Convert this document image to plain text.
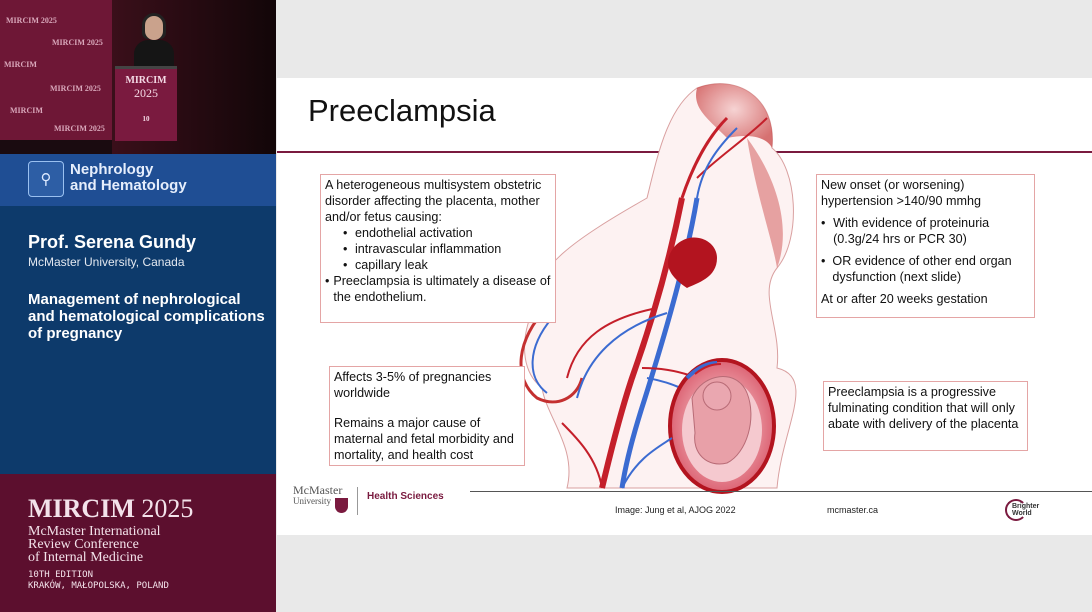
MIRCIM 2025
MIRCIM 2025
MIRCIM
MIRCIM 2025
MIRCIM
MIRCIM 2025
MIRCIM
2025
10
⚲
Nephrology
and Hematology
Prof. Serena Gundy
McMaster University, Canada
Management of nephrological and hematological complications of pregnancy
MIRCIM 2025
McMaster International
Review Conference
of Internal Medicine
10TH EDITION
KRAKÓW, MAŁOPOLSKA, POLAND
Preeclampsia
A heterogeneous multisystem obstetric disorder affecting the placenta, mother and/or fetus causing:
• endothelial activation
• intravascular inflammation
• capillary leak
• Preeclampsia is ultimately a disease of the endothelium.
New onset (or worsening) hypertension >140/90 mmhg
• With evidence of proteinuria (0.3g/24 hrs or PCR 30)
• OR evidence of other end organ dysfunction (next slide)
At or after 20 weeks gestation
Affects 3-5% of pregnancies worldwide
Remains a major cause of maternal and fetal morbidity and mortality, and health cost
Preeclampsia is a progressive fulminating condition that will only abate with delivery of the placenta
McMaster
University	Health Sciences
Image: Jung et al, AJOG 2022	mcmaster.ca	Brighter
World
